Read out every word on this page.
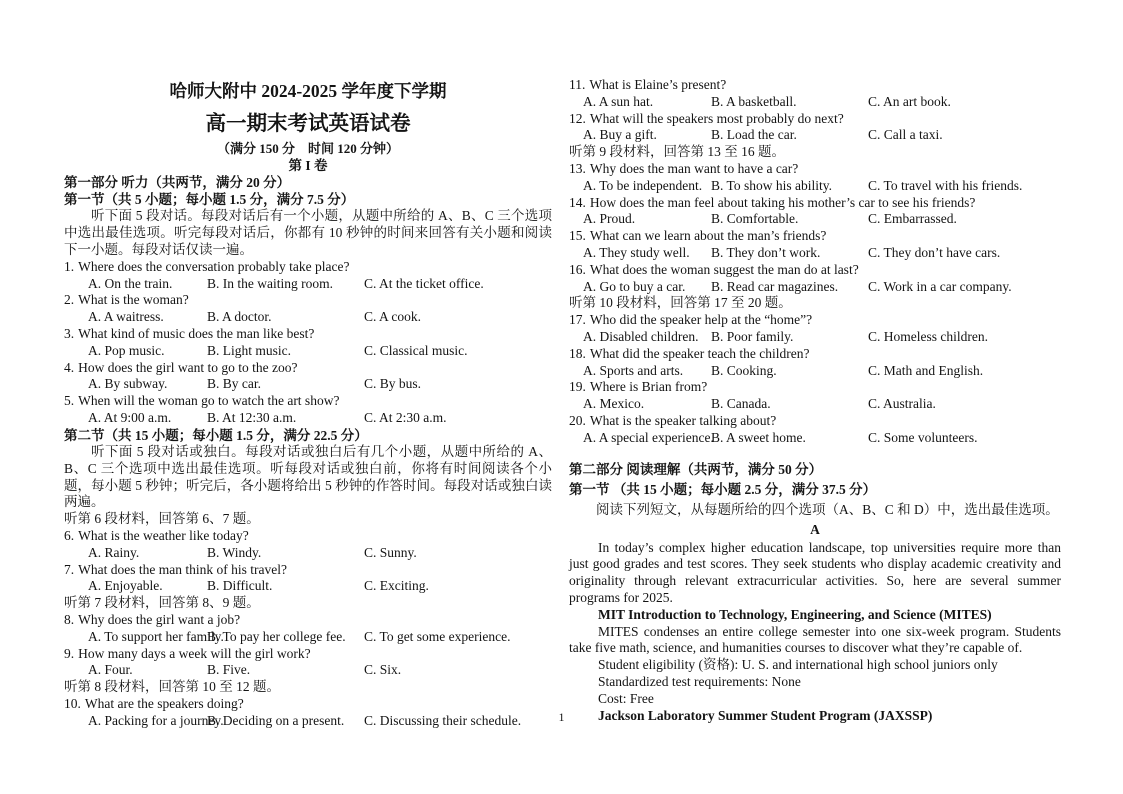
哈师大附中 2024-2025 学年度下学期
高一期末考试英语试卷
（满分 150 分　时间 120 分钟）
第 I 卷
第一部分 听力（共两节，满分 20 分）
第一节（共 5 小题；每小题 1.5 分，满分 7.5 分）
听下面 5 段对话。每段对话后有一个小题，从题中所给的 A、B、C 三个选项中选出最佳选项。听完每段对话后，你都有 10 秒钟的时间来回答有关小题和阅读下一小题。每段对话仅读一遍。
1. Where does the conversation probably take place?
A. On the train.	B. In the waiting room.	C. At the ticket office.
2. What is the woman?
A. A waitress.	B. A doctor.	C. A cook.
3. What kind of music does the man like best?
A. Pop music.	B. Light music.	C. Classical music.
4. How does the girl want to go to the zoo?
A. By subway.	B. By car.	C. By bus.
5. When will the woman go to watch the art show?
A. At 9:00 a.m.	B. At 12:30 a.m.	C. At 2:30 a.m.
第二节（共 15 小题；每小题 1.5 分，满分 22.5 分）
听下面 5 段对话或独白。每段对话或独白后有几个小题，从题中所给的 A、B、C 三个选项中选出最佳选项。听每段对话或独白前，你将有时间阅读各个小题，每小题 5 秒钟；听完后，各小题将给出 5 秒钟的作答时间。每段对话或独白读两遍。
听第 6 段材料，回答第 6、7 题。
6. What is the weather like today?
A. Rainy.	B. Windy.	C. Sunny.
7. What does the man think of his travel?
A. Enjoyable.	B. Difficult.	C. Exciting.
听第 7 段材料，回答第 8、9 题。
8. Why does the girl want a job?
A. To support her family.
B. To pay her college fee.	C. To get some experience.
9. How many days a week will the girl work?
A. Four.	B. Five.	C. Six.
听第 8 段材料，回答第 10 至 12 题。
10. What are the speakers doing?
A. Packing for a journey.
B. Deciding on a present.	C. Discussing their schedule.
11. What is Elaine’s present?
A. A sun hat.	B. A basketball.	C. An art book.
12. What will the speakers most probably do next?
A. Buy a gift.	B. Load the car.	C. Call a taxi.
听第 9 段材料，回答第 13 至 16 题。
13. Why does the man want to have a car?
A. To be independent. B. To show his ability.	C. To travel with his friends.
14. How does the man feel about taking his mother’s car to see his friends?
A. Proud.	B. Comfortable.	C. Embarrassed.
15. What can we learn about the man’s friends?
A. They study well.	B. They don’t work.	C. They don’t have cars.
16. What does the woman suggest the man do at last?
A. Go to buy a car.	B. Read car magazines.	C. Work in a car company.
听第 10 段材料，回答第 17 至 20 题。
17. Who did the speaker help at the “home”?
A. Disabled children. B. Poor family.	C. Homeless children.
18. What did the speaker teach the children?
A. Sports and arts.	B. Cooking.	C. Math and English.
19. Where is Brian from?
A. Mexico.	B. Canada.	C. Australia.
20. What is the speaker talking about?
A. A special experience.
B. A sweet home.	C. Some volunteers.
第二部分 阅读理解（共两节，满分 50 分）
第一节 （共 15 小题；每小题 2.5 分，满分 37.5 分）
阅读下列短文，从每题所给的四个选项（A、B、C 和 D）中，选出最佳选项。
A
In today’s complex higher education landscape, top universities require more than just good grades and test scores. They seek students who display academic creativity and originality through relevant extracurricular activities. So, here are several summer programs for 2025.
MIT Introduction to Technology, Engineering, and Science (MITES)
MITES condenses an entire college semester into one six-week program. Students take five math, science, and humanities courses to discover what they’re capable of.
Student eligibility (资格): U. S. and international high school juniors only
Standardized test requirements: None
Cost: Free
Jackson Laboratory Summer Student Program (JAXSSP)
1
